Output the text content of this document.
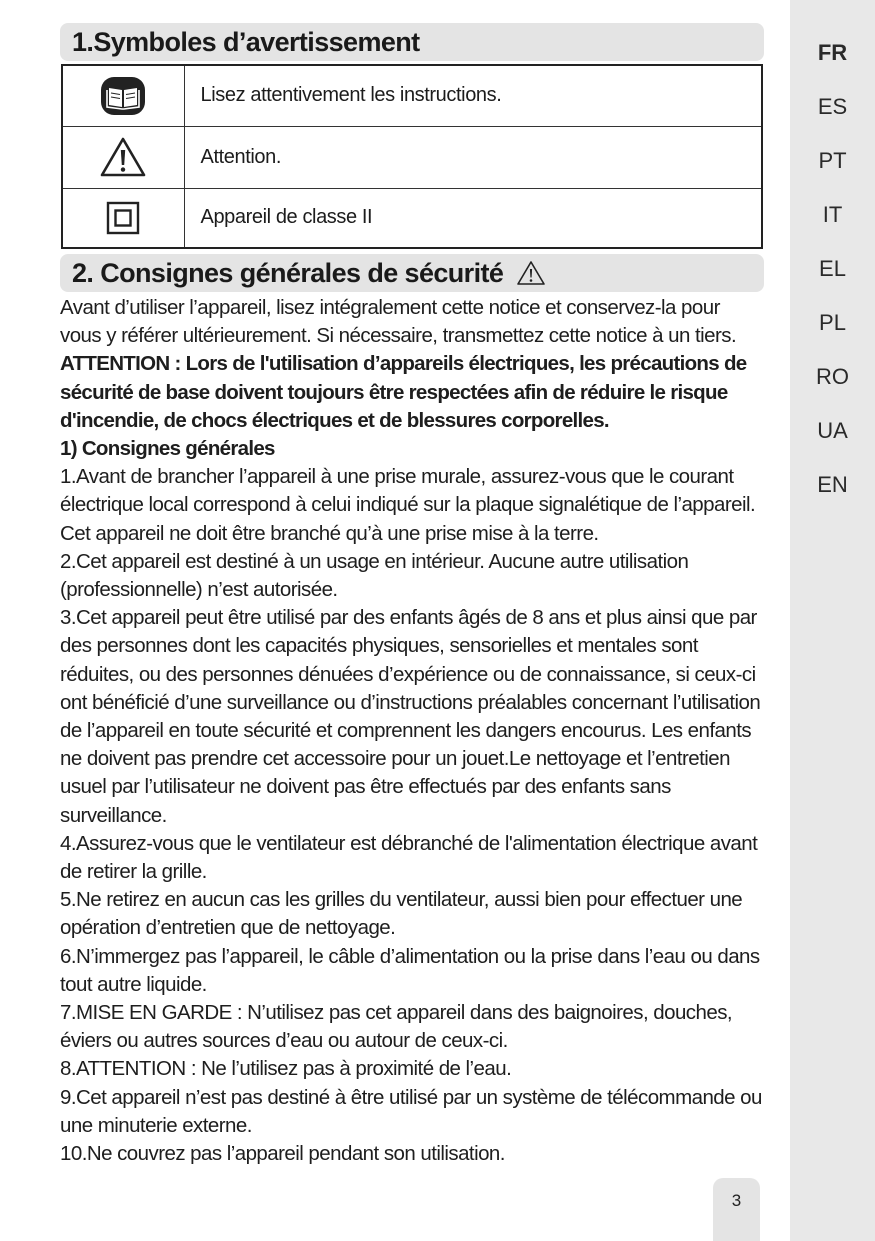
1.Symboles d’avertissement
	Lisez attentivement les instructions.

	Attention.

	Appareil de classe II
2. Consignes générales de sécurité

Avant d’utiliser l’appareil, lisez intégralement cette notice et conservez-la pour vous y référer ultérieurement. Si nécessaire, transmettez cette notice à un tiers.

ATTENTION : Lors de l'utilisation d’appareils électriques, les précautions de sécurité de base doivent toujours être respectées afin de réduire le risque d'incendie, de chocs électriques et de blessures corporelles.

1) Consignes générales

1.Avant de brancher l’appareil à une prise murale, assurez-vous que le courant électrique local correspond à celui indiqué sur la plaque signalétique de l’appareil. Cet appareil ne doit être branché qu’à une prise mise à la terre.

2.Cet appareil est destiné à un usage en intérieur. Aucune autre utilisation (professionnelle) n’est autorisée.

3.Cet appareil peut être utilisé par des enfants âgés de 8 ans et plus ainsi que par des personnes dont les capacités physiques, sensorielles et mentales sont réduites, ou des personnes dénuées d’expérience ou de connaissance, si ceux-ci ont bénéficié d’une surveillance ou d’instructions préalables concernant l’utilisation de l’appareil en toute sécurité et comprennent les dangers encourus. Les enfants ne doivent pas prendre cet accessoire pour un jouet.Le nettoyage et l’entretien usuel par l’utilisateur ne doivent pas être effectués par des enfants sans surveillance.

4.Assurez-vous que le ventilateur est débranché de l'alimentation électrique avant de retirer la grille.

5.Ne retirez en aucun cas les grilles du ventilateur, aussi bien pour effectuer une opération d’entretien que de nettoyage.

6.N’immergez pas l’appareil, le câble d’alimentation ou la prise dans l’eau ou dans tout autre liquide.

7.MISE EN GARDE : N’utilisez pas cet appareil dans des baignoires, douches, éviers ou autres sources d’eau ou autour de ceux-ci.

8.ATTENTION : Ne l’utilisez pas à proximité de l’eau.

9.Cet appareil n’est pas destiné à être utilisé par un système de télécommande ou une minuterie externe.

10.Ne couvrez pas l’appareil pendant son utilisation.

3
FR
ES
PT
IT
EL
PL
RO
UA
EN
